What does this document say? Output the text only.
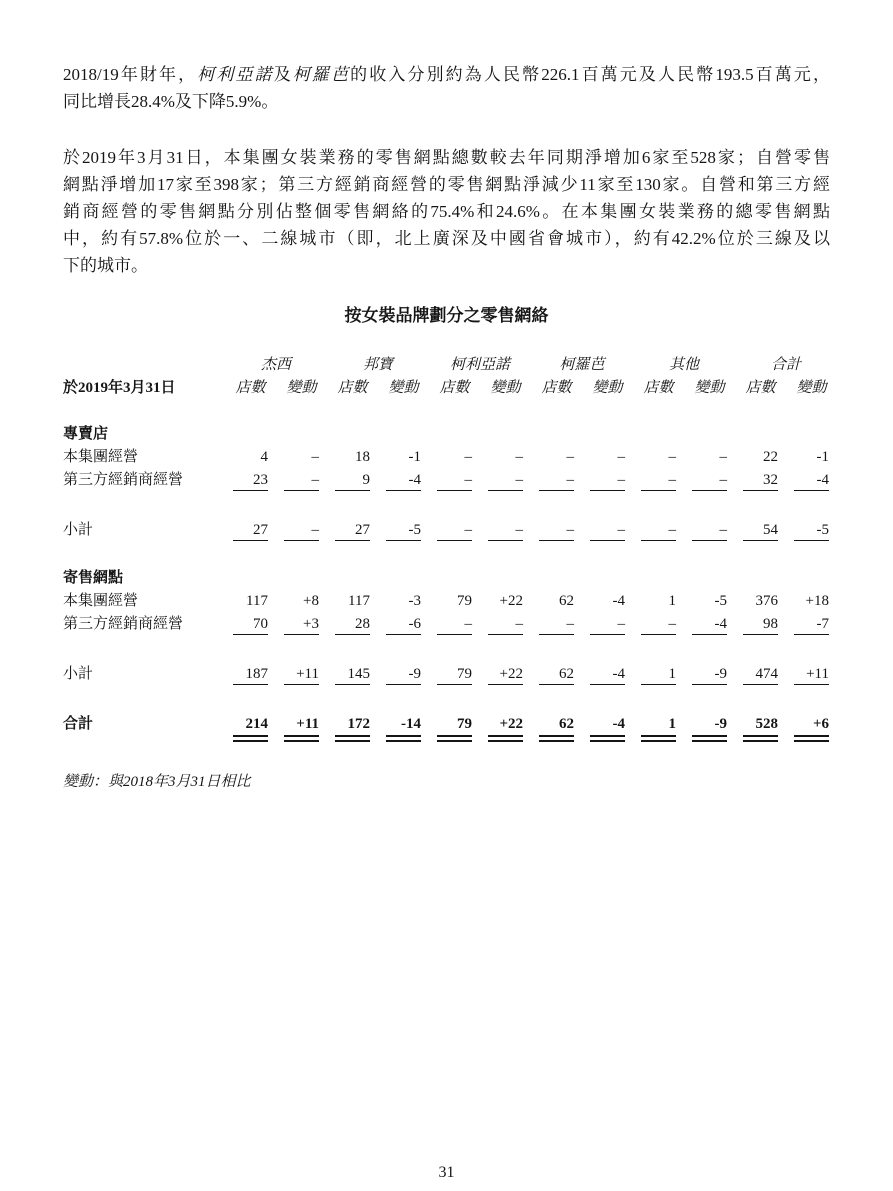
2018/19年財年，柯利亞諾及柯羅芭的收入分別約為人民幣226.1百萬元及人民幣193.5百萬元，
同比增長28.4%及下降5.9%。
於2019年3月31日，本集團女裝業務的零售網點總數較去年同期淨增加6家至528家；自營零售
網點淨增加17家至398家；第三方經銷商經營的零售網點淨減少11家至130家。自營和第三方經
銷商經營的零售網點分別佔整個零售網絡的75.4%和24.6%。在本集團女裝業務的總零售網點
中，約有57.8%位於一、二線城市（即，北上廣深及中國省會城市），約有42.2%位於三線及以
下的城市。
按女裝品牌劃分之零售網絡
杰西	邦寶	柯利亞諾	柯羅芭	其他	合計
於2019年3月31日	店數 變動 店數 變動 店數 變動 店數 變動 店數 變動 店數 變動
專賣店
本集團經營	4	–	18	-1	–	–	–	–	–	–	22	-1
第三方經銷商經營	23	–	9	-4	–	–	–	–	–	–	32	-4
小計	27	–	27	-5	–	–	–	–	–	–	54	-5
寄售網點
本集團經營	117	+8	117	-3	79	+22	62	-4	1	-5	376	+18
第三方經銷商經營	70	+3	28	-6	–	–	–	–	–	-4	98	-7
小計	187	+11	145	-9	79	+22	62	-4	1	-9	474	+11
合計	214	+11	172	-14	79	+22	62	-4	1	-9	528	+6
變動：與2018年3月31日相比
31
